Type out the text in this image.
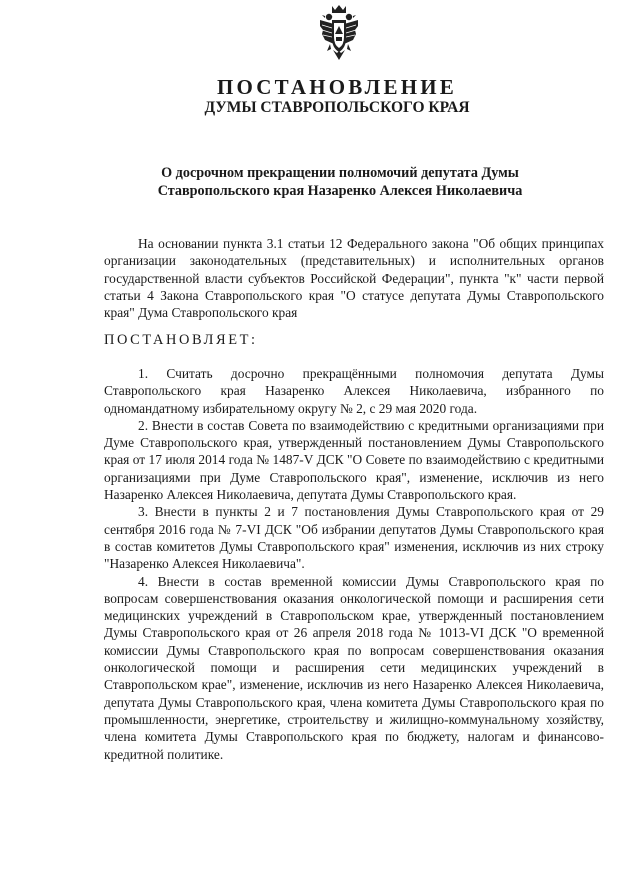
ПОСТАНОВЛЕНИЕ
ДУМЫ СТАВРОПОЛЬСКОГО КРАЯ
О досрочном прекращении полномочий депутата Думы Ставропольского края Назаренко Алексея Николаевича

На основании пункта 3.1 статьи 12 Федерального закона "Об общих принципах организации законодательных (представительных) и исполнительных органов государственной власти субъектов Российской Федерации", пункта "к" части первой статьи 4 Закона Ставропольского края "О статусе депутата Думы Ставропольского края" Дума Ставропольского края

ПОСТАНОВЛЯЕТ:

1. Считать досрочно прекращёнными полномочия депутата Думы Ставропольского края Назаренко Алексея Николаевича, избранного по одномандатному избирательному округу № 2, с 29 мая 2020 года.

2. Внести в состав Совета по взаимодействию с кредитными организациями при Думе Ставропольского края, утвержденный постановлением Думы Ставропольского края от 17 июля 2014 года № 1487-V ДСК "О Совете по взаимодействию с кредитными организациями при Думе Ставропольского края", изменение, исключив из него Назаренко Алексея Николаевича, депутата Думы Ставропольского края.

3. Внести в пункты 2 и 7 постановления Думы Ставропольского края от 29 сентября 2016 года № 7-VI ДСК "Об избрании депутатов Думы Ставропольского края в состав комитетов Думы Ставропольского края" изменения, исключив из них строку "Назаренко Алексея Николаевича".

4. Внести в состав временной комиссии Думы Ставропольского края по вопросам совершенствования оказания онкологической помощи и расширения сети медицинских учреждений в Ставропольском крае, утвержденный постановлением Думы Ставропольского края от 26 апреля 2018 года № 1013-VI ДСК "О временной комиссии Думы Ставропольского края по вопросам совершенствования оказания онкологической помощи и расширения сети медицинских учреждений в Ставропольском крае", изменение, исключив из него Назаренко Алексея Николаевича, депутата Думы Ставропольского края, члена комитета Думы Ставропольского края по промышленности, энергетике, строительству и жилищно-коммунальному хозяйству, члена комитета Думы Ставропольского края по бюджету, налогам и финансово-кредитной политике.
